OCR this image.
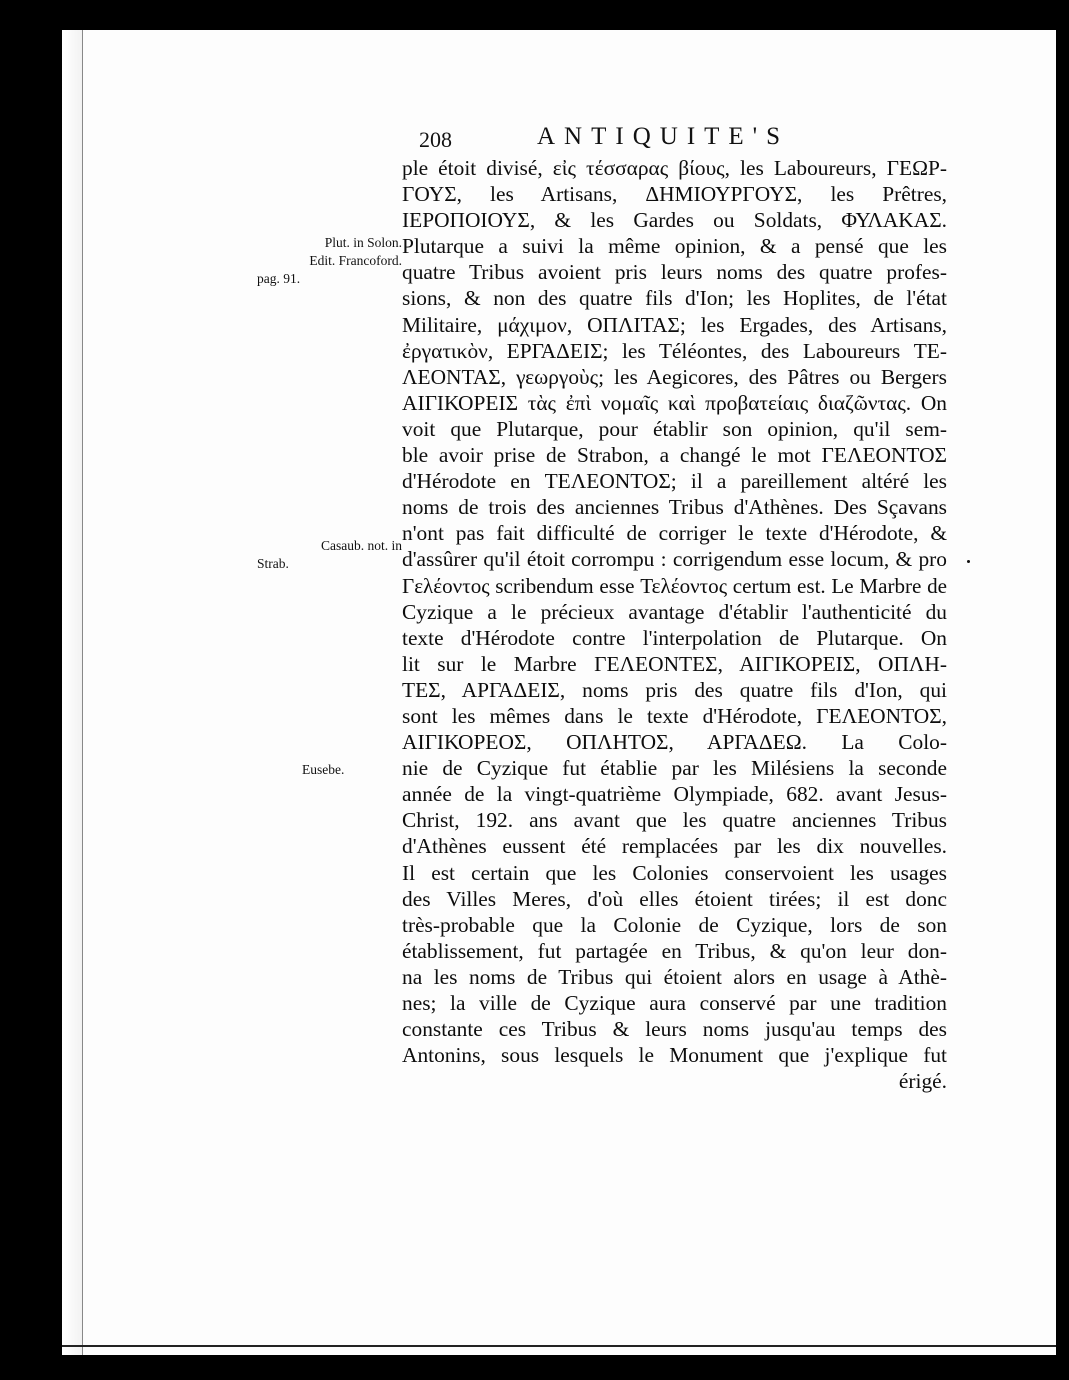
208	ANTIQUITE'S
Plut. in Solon.
Edit. Francoford.
pag. 91.
Casaub. not. in
Strab.
Eusebe.
ple étoit divisé, εἰς τέσσαρας βίους, les Laboureurs, ΓΕΩΡ-
ΓΟΥΣ, les Artisans, ΔΗΜΙΟΥΡΓΟΥΣ, les Prêtres,
ΙΕΡΟΠΟΙΟΥΣ, & les Gardes ou Soldats, ΦΥΛΑΚΑΣ.
Plutarque a suivi la même opinion, & a pensé que les
quatre Tribus avoient pris leurs noms des quatre profes-
sions, & non des quatre fils d'Ion; les Hoplites, de l'état
Militaire, μάχιμον, ΟΠΛΙΤΑΣ; les Ergades, des Artisans,
ἐργατικὸν, ΕΡΓΑΔΕΙΣ; les Téléontes, des Laboureurs ΤΕ-
ΛΕΟΝΤΑΣ, γεωργοὺς; les Aegicores, des Pâtres ou Bergers
ΑΙΓΙΚΟΡΕΙΣ τὰς ἐπὶ νομαῖς καὶ προβατείαις διαζῶντας. On
voit que Plutarque, pour établir son opinion, qu'il sem-
ble avoir prise de Strabon, a changé le mot ΓΕΛΕΟΝΤΟΣ
d'Hérodote en ΤΕΛΕΟΝΤΟΣ; il a pareillement altéré les
noms de trois des anciennes Tribus d'Athènes. Des Sçavans
n'ont pas fait difficulté de corriger le texte d'Hérodote, &
d'assûrer qu'il étoit corrompu : corrigendum esse locum, & pro
Γελέοντος scribendum esse Τελέοντος certum est. Le Marbre de
Cyzique a le précieux avantage d'établir l'authenticité du
texte d'Hérodote contre l'interpolation de Plutarque. On
lit sur le Marbre ΓΕΛΕΟΝΤΕΣ, ΑΙΓΙΚΟΡΕΙΣ, ΟΠΛΗ-
ΤΕΣ, ΑΡΓΑΔΕΙΣ, noms pris des quatre fils d'Ion, qui
sont les mêmes dans le texte d'Hérodote, ΓΕΛΕΟΝΤΟΣ,
ΑΙΓΙΚΟΡΕΟΣ, ΟΠΛΗΤΟΣ, ΑΡΓΑΔΕΩ. La Colo-
nie de Cyzique fut établie par les Milésiens la seconde
année de la vingt-quatrième Olympiade, 682. avant Jesus-
Christ, 192. ans avant que les quatre anciennes Tribus
d'Athènes eussent été remplacées par les dix nouvelles.
Il est certain que les Colonies conservoient les usages
des Villes Meres, d'où elles étoient tirées; il est donc
très-probable que la Colonie de Cyzique, lors de son
établissement, fut partagée en Tribus, & qu'on leur don-
na les noms de Tribus qui étoient alors en usage à Athè-
nes; la ville de Cyzique aura conservé par une tradition
constante ces Tribus & leurs noms jusqu'au temps des
Antonins, sous lesquels le Monument que j'explique fut
érigé.
